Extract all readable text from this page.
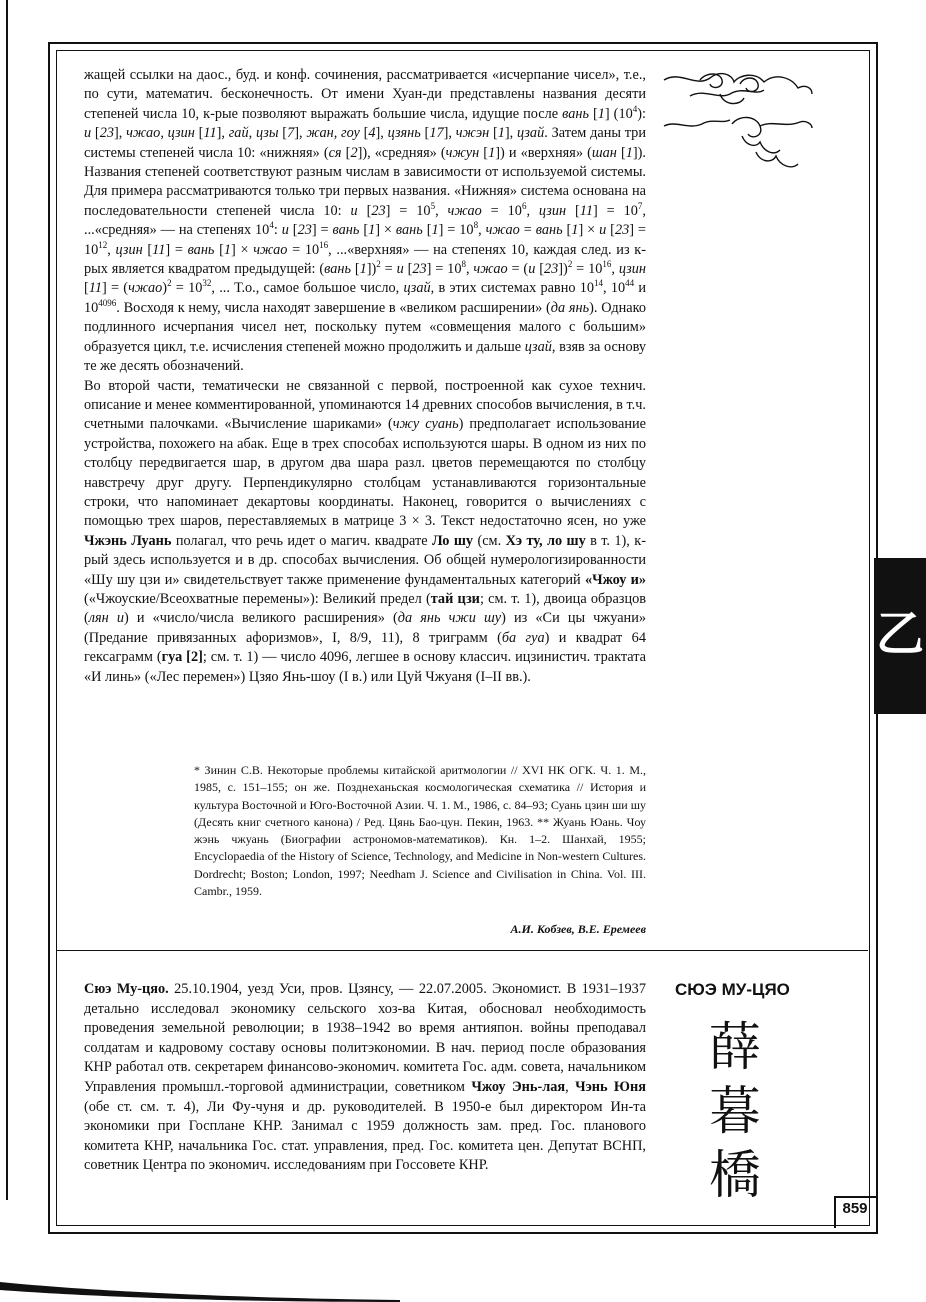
жащей ссылки на даос., буд. и конф. сочинения, рассматривается «исчерпание чисел», т.е., по сути, математич. бесконечность. От имени Хуан-ди представлены названия десяти степеней числа 10, к-рые позволяют выражать большие числа, идущие после вань [1] $(10^4)$: и [23], чжао, цзин [11], гай, цзы [7], жан, гоу [4], цзянь [17], чжэн [1], цзай. Затем даны три системы степеней числа 10: «нижняя» (ся [2]), «средняя» (чжун [1]) и «верхняя» (шан [1]). Названия степеней соответствуют разным числам в зависимости от используемой системы. Для примера рассматриваются только три первых названия. «Нижняя» система основана на последовательности степеней числа 10: и $[23] = 10^5$, чжао = $10^6$, цзин $[11] = 10^7$, ...«средняя» — на степенях $10^4$: и [23] = вань [1] × вань $[1] = 10^8$, чжао = вань [1] × и $[23] = 10^{12}$, цзин [11] = вань [1] × чжао = $10^{16}$, ...«верхняя» — на степенях 10, каждая след. из к-рых является квадратом предыдущей: (вань [1])$^2$ = и $[23] = 10^8$, чжао = (и $[23])^2 = 10^{16}$, цзин [11] = (чжао)$^2$ = $10^{32}$, ... Т.о., самое большое число, цзай, в этих системах равно $10^{14}$, $10^{44}$ и $10^{4096}$. Восходя к нему, числа находят завершение в «великом расширении» (да янь). Однако подлинного исчерпания чисел нет, поскольку путем «совмещения малого с большим» образуется цикл, т.е. исчисления степеней можно продолжить и дальше цзай, взяв за основу те же десять обозначений.

Во второй части, тематически не связанной с первой, построенной как сухое технич. описание и менее комментированной, упоминаются 14 древних способов вычисления, в т.ч. счетными палочками. «Вычисление шариками» (чжу суань) предполагает использование устройства, похожего на абак. Еще в трех способах используются шары. В одном из них по столбцу передвигается шар, в другом два шара разл. цветов перемещаются по столбцу навстречу друг другу. Перпендикулярно столбцам устанавливаются горизонтальные строки, что напоминает декартовы координаты. Наконец, говорится о вычислениях с помощью трех шаров, переставляемых в матрице 3 × 3. Текст недостаточно ясен, но уже Чжэнь Луань полагал, что речь идет о магич. квадрате Ло шу (см. Хэ ту, ло шу в т. 1), к-рый здесь используется и в др. способах вычисления. Об общей нумерологизированности «Шу шу цзи и» свидетельствует также применение фундаментальных категорий «Чжоу и» («Чжоуские/Всеохватные перемены»): Великий предел (тай цзи; см. т. 1), двоица образцов (лян и) и «число/числа великого расширения» (да янь чжи шу) из «Си цы чжуани» (Предание привязанных афоризмов», I, 8/9, 11), 8 триграмм (ба гуа) и квадрат 64 гексаграмм (гуа [2]; см. т. 1) — число 4096, легшее в основу классич. ицзинистич. трактата «И линь» («Лес перемен») Цзяо Янь-шоу (I в.) или Цуй Чжуаня (I–II вв.).

* Зинин С.В. Некоторые проблемы китайской аритмологии // XVI НК ОГК. Ч. 1. М., 1985, с. 151–155; он же. Позднеханьская космологическая схематика // История и культура Восточной и Юго-Восточной Азии. Ч. 1. М., 1986, с. 84–93; Суань цзин ши шу (Десять книг счетного канона) / Ред. Цянь Бао-цун. Пекин, 1963. ** Жуань Юань. Чоу жэнь чжуань (Биографии астрономов-математиков). Кн. 1–2. Шанхай, 1955; Encyclopaedia of the History of Science, Technology, and Medicine in Non-western Cultures. Dordrecht; Boston; London, 1997; Needham J. Science and Civilisation in China. Vol. III. Cambr., 1959.

А.И. Кобзев, В.Е. Еремеев

Сюэ Му-цяо. 25.10.1904, уезд Уси, пров. Цзянсу, — 22.07.2005. Экономист. В 1931–1937 детально исследовал экономику сельского хоз-ва Китая, обосновал необходимость проведения земельной революции; в 1938–1942 во время антияпон. войны преподавал солдатам и кадровому составу основы политэкономии. В нач. период после образования КНР работал отв. секретарем финансово-экономич. комитета Гос. адм. совета, начальником Управления промышл.-торговой администрации, советником Чжоу Энь-лая, Чэнь Юня (обе ст. см. т. 4), Ли Фу-чуня и др. руководителей. В 1950-е был директором Ин-та экономики при Госплане КНР. Занимал с 1959 должность зам. пред. Гос. планового комитета КНР, начальника Гос. стат. управления, пред. Гос. комитета цен. Депутат ВСНП, советник Центра по экономич. исследованиям при Госсовете КНР.

СЮЭ МУ-ЦЯО
薛
暮
橋
乙
859
